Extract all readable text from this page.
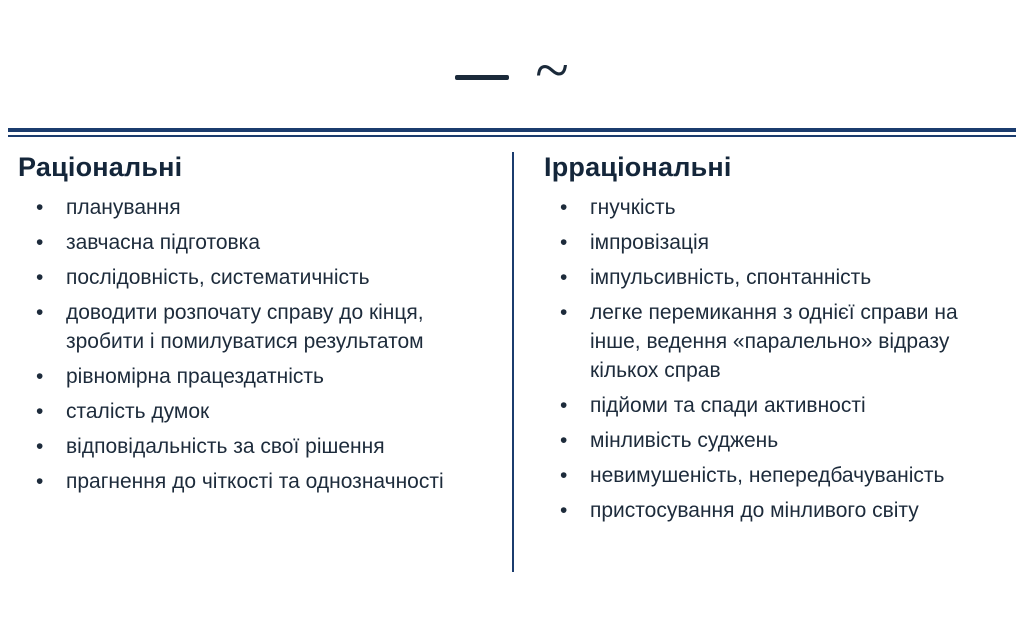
~
Раціональні
• планування
• завчасна підготовка
• послідовність, систематичність
• доводити розпочату справу до кінця, зробити і помилуватися результатом
• рівномірна працездатність
• сталість думок
• відповідальність за свої рішення
• прагнення до чіткості та однозначності
Ірраціональні
• гнучкість
• імпровізація
• імпульсивність, спонтанність
• легке перемикання з однієї справи на інше, ведення «паралельно» відразу кількох справ
• підйоми та спади активності
• мінливість суджень
• невимушеність, непередбачуваність
• пристосування до мінливого світу
